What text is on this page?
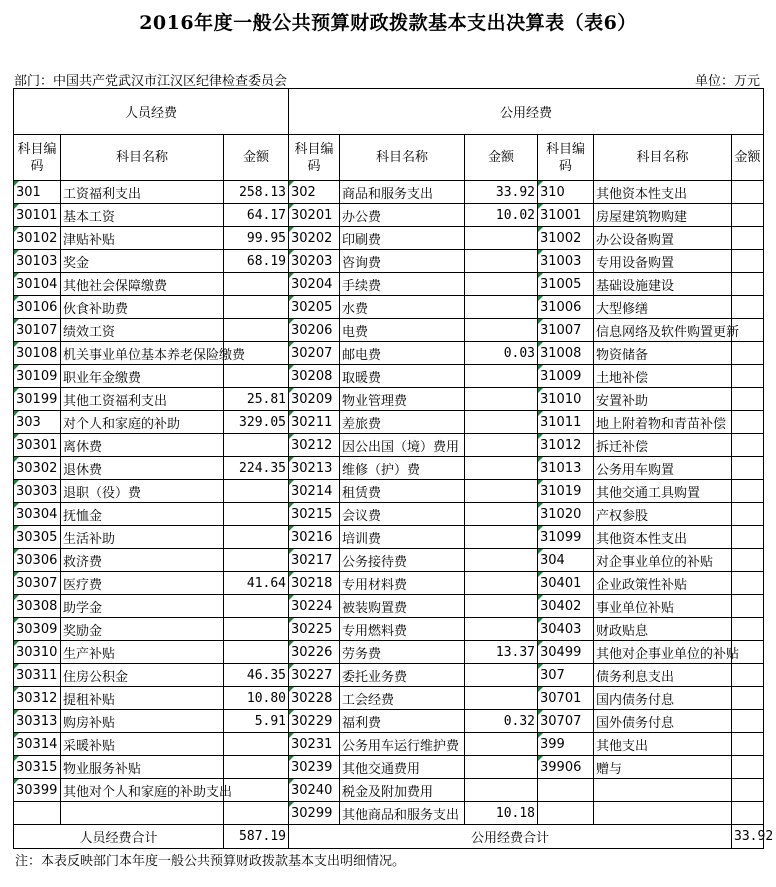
2016年度一般公共预算财政拨款基本支出决算表（表6）
部门：中国共产党武汉市江汉区纪律检查委员会	单位：万元
人员经费			公用经费					
科目编码	科目名称	金额	科目编码	科目名称	金额	科目编码	科目名称	金额
301	工资福利支出	258.13	302	商品和服务支出	33.92	310	其他资本性支出	
30101	基本工资	64.17	30201	办公费	10.02	31001	房屋建筑物购建	
30102	津贴补贴	99.95	30202	印刷费		31002	办公设备购置	
30103	奖金	68.19	30203	咨询费		31003	专用设备购置	
30104	其他社会保障缴费		30204	手续费		31005	基础设施建设	
30106	伙食补助费		30205	水费		31006	大型修缮	
30107	绩效工资		30206	电费		31007	信息网络及软件购置更新	
30108	机关事业单位基本养老保险缴费		30207	邮电费	0.03	31008	物资储备	
30109	职业年金缴费		30208	取暖费		31009	土地补偿	
30199	其他工资福利支出	25.81	30209	物业管理费		31010	安置补助	
303	对个人和家庭的补助	329.05	30211	差旅费		31011	地上附着物和青苗补偿	
30301	离休费		30212	因公出国（境）费用		31012	拆迁补偿	
30302	退休费	224.35	30213	维修（护）费		31013	公务用车购置	
30303	退职（役）费		30214	租赁费		31019	其他交通工具购置	
30304	抚恤金		30215	会议费		31020	产权参股	
30305	生活补助		30216	培训费		31099	其他资本性支出	
30306	救济费		30217	公务接待费		304	对企事业单位的补贴	
30307	医疗费	41.64	30218	专用材料费		30401	企业政策性补贴	
30308	助学金		30224	被装购置费		30402	事业单位补贴	
30309	奖励金		30225	专用燃料费		30403	财政贴息	
30310	生产补贴		30226	劳务费	13.37	30499	其他对企事业单位的补贴	
30311	住房公积金	46.35	30227	委托业务费		307	债务利息支出	
30312	提租补贴	10.80	30228	工会经费		30701	国内债务付息	
30313	购房补贴	5.91	30229	福利费	0.32	30707	国外债务付息	
30314	采暖补贴		30231	公务用车运行维护费		399	其他支出	
30315	物业服务补贴		30239	其他交通费用		39906	赠与	
30399	其他对个人和家庭的补助支出		30240	税金及附加费用				
			30299	其他商品和服务支出	10.18			
人员经费合计		587.19	公用经费合计					33.92
注：本表反映部门本年度一般公共预算财政拨款基本支出明细情况。
